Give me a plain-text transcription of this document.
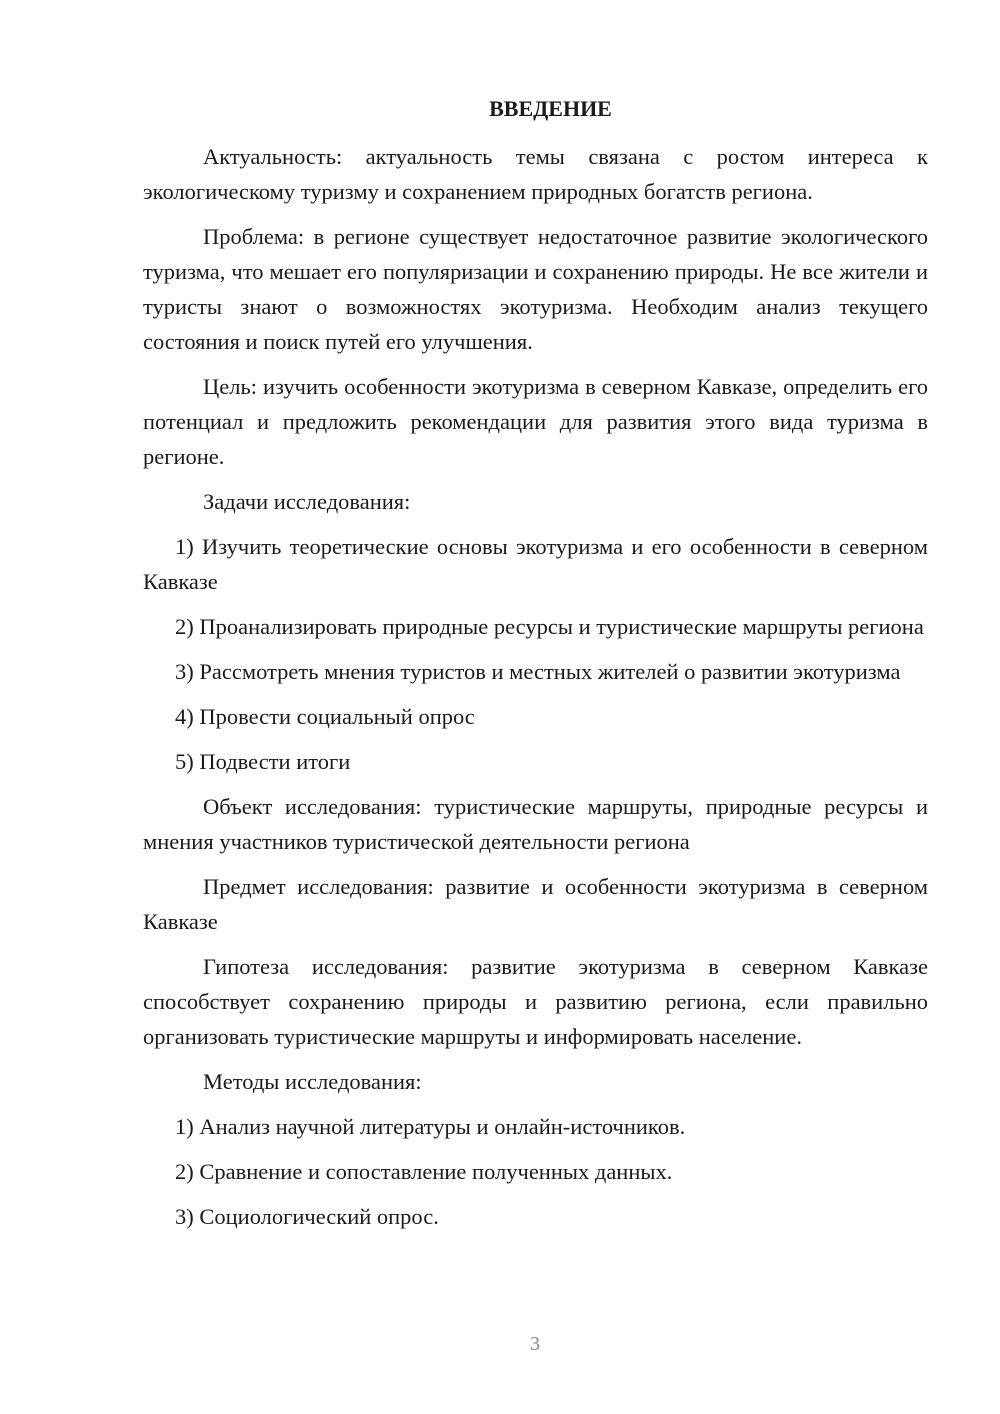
ВВЕДЕНИЕ

Актуальность: актуальность темы связана с ростом интереса к экологическому туризму и сохранением природных богатств региона.

Проблема: в регионе существует недостаточное развитие экологического туризма, что мешает его популяризации и сохранению природы. Не все жители и туристы знают о возможностях экотуризма. Необходим анализ текущего состояния и поиск путей его улучшения.

Цель: изучить особенности экотуризма в северном Кавказе, определить его потенциал и предложить рекомендации для развития этого вида туризма в регионе.

Задачи исследования:

1) Изучить теоретические основы экотуризма и его особенности в северном Кавказе

2) Проанализировать природные ресурсы и туристические маршруты региона

3) Рассмотреть мнения туристов и местных жителей о развитии экотуризма

4) Провести социальный опрос

5) Подвести итоги

Объект исследования: туристические маршруты, природные ресурсы и мнения участников туристической деятельности региона

Предмет исследования: развитие и особенности экотуризма в северном Кавказе

Гипотеза исследования: развитие экотуризма в северном Кавказе способствует сохранению природы и развитию региона, если правильно организовать туристические маршруты и информировать население.

Методы исследования:

1) Анализ научной литературы и онлайн-источников.

2) Сравнение и сопоставление полученных данных.

3) Социологический опрос.

3
